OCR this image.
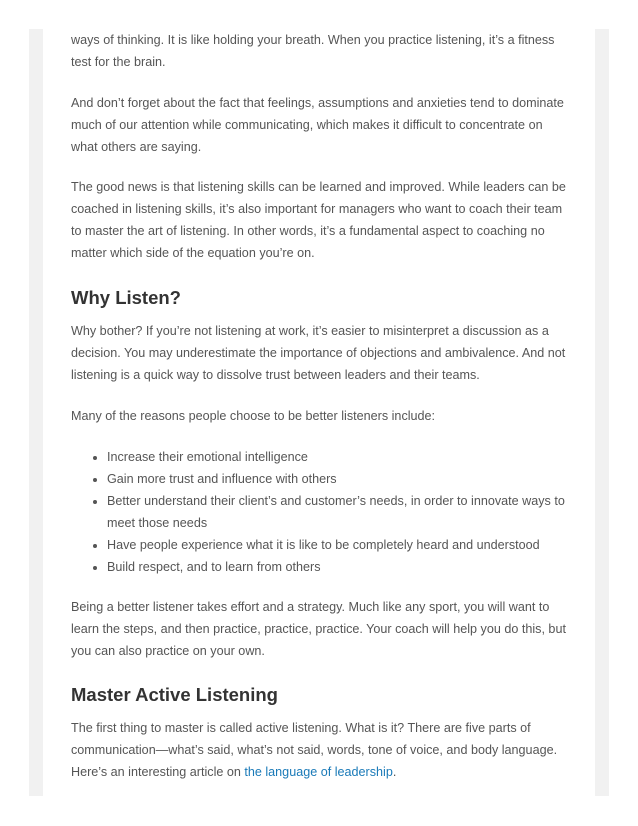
ways of thinking. It is like holding your breath. When you practice listening, it’s a fitness test for the brain.

And don’t forget about the fact that feelings, assumptions and anxieties tend to dominate much of our attention while communicating, which makes it difficult to concentrate on what others are saying.

The good news is that listening skills can be learned and improved. While leaders can be coached in listening skills, it’s also important for managers who want to coach their team to master the art of listening. In other words, it’s a fundamental aspect to coaching no matter which side of the equation you’re on.

Why Listen?

Why bother? If you’re not listening at work, it’s easier to misinterpret a discussion as a decision. You may underestimate the importance of objections and ambivalence. And not listening is a quick way to dissolve trust between leaders and their teams.

Many of the reasons people choose to be better listeners include:

Increase their emotional intelligence
Gain more trust and influence with others
Better understand their client’s and customer’s needs, in order to innovate ways to meet those needs
Have people experience what it is like to be completely heard and understood
Build respect, and to learn from others

Being a better listener takes effort and a strategy. Much like any sport, you will want to learn the steps, and then practice, practice, practice. Your coach will help you do this, but you can also practice on your own.

Master Active Listening

The first thing to master is called active listening. What is it? There are five parts of communication—what’s said, what’s not said, words, tone of voice, and body language. Here’s an interesting article on the language of leadership.
